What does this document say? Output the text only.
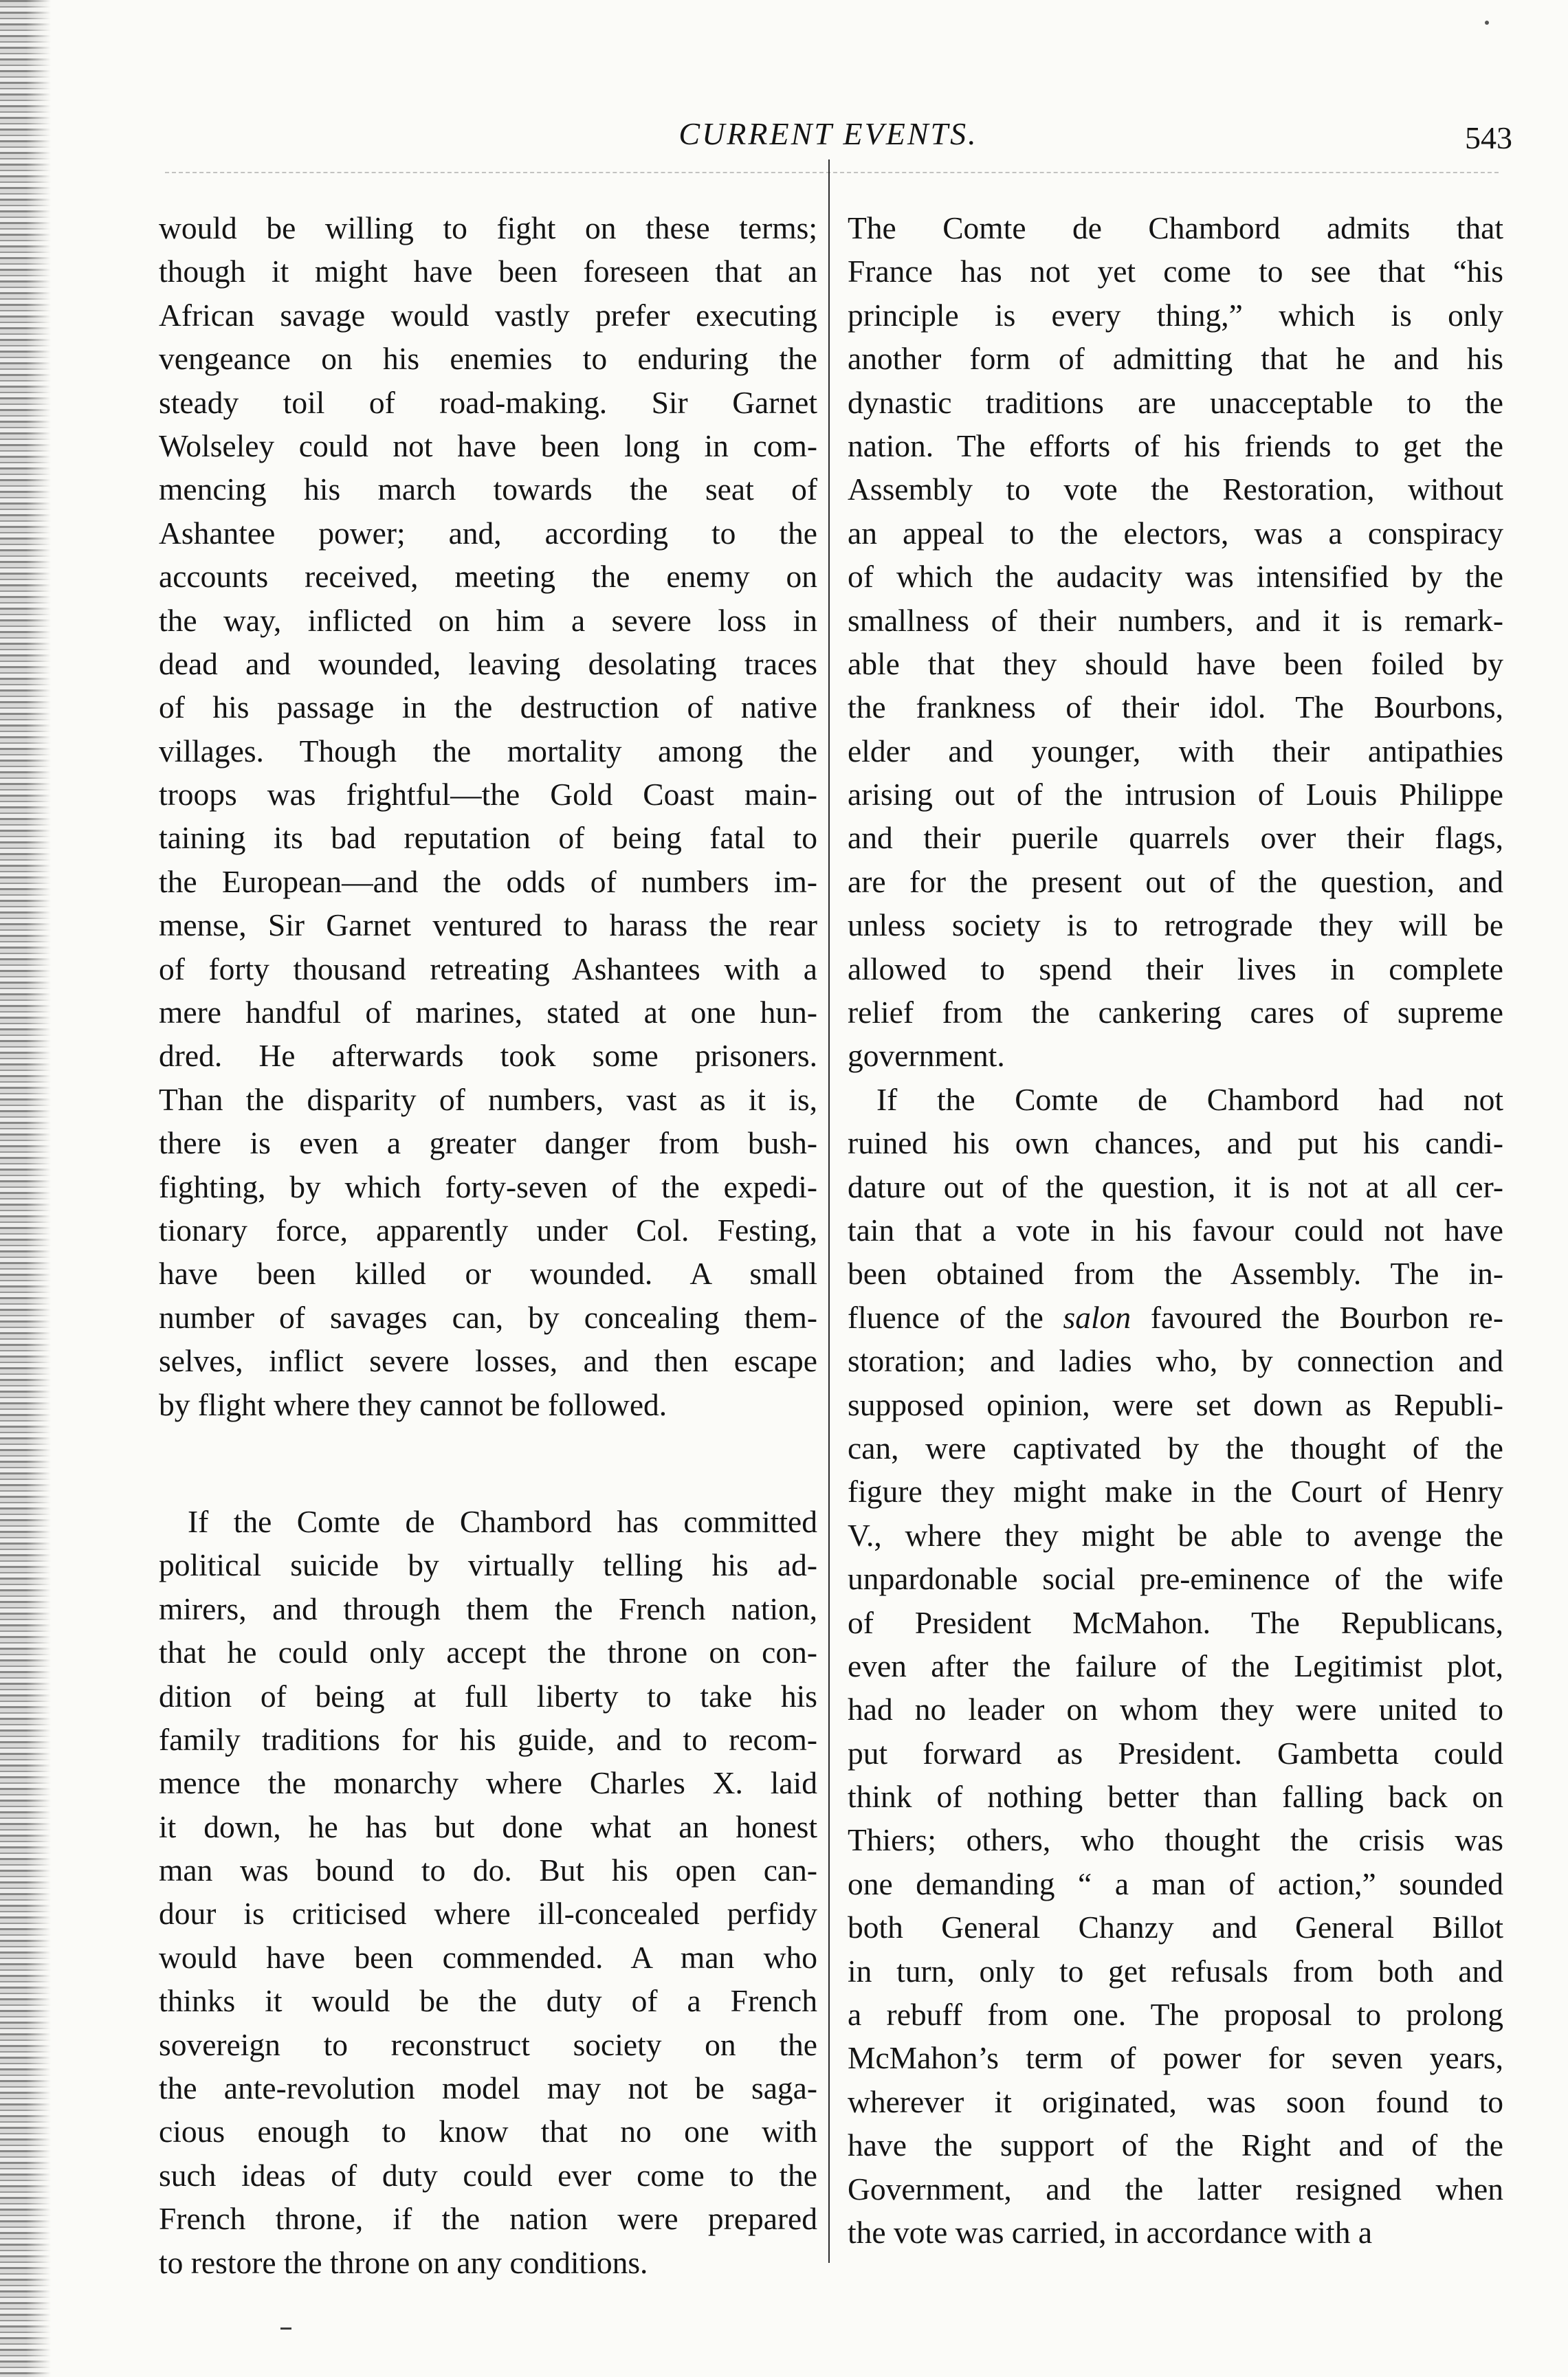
CURRENT EVENTS.	543
would be willing to fight on these terms;
though it might have been foreseen that an
African savage would vastly prefer executing
vengeance on his enemies to enduring the
steady toil of road-making. Sir Garnet
Wolseley could not have been long in com-
mencing his march towards the seat of
Ashantee power; and, according to the
accounts received, meeting the enemy on
the way, inflicted on him a severe loss in
dead and wounded, leaving desolating traces
of his passage in the destruction of native
villages. Though the mortality among the
troops was frightful—the Gold Coast main-
taining its bad reputation of being fatal to
the European—and the odds of numbers im-
mense, Sir Garnet ventured to harass the rear
of forty thousand retreating Ashantees with a
mere handful of marines, stated at one hun-
dred. He afterwards took some prisoners.
Than the disparity of numbers, vast as it is,
there is even a greater danger from bush-
fighting, by which forty-seven of the expedi-
tionary force, apparently under Col. Festing,
have been killed or wounded. A small
number of savages can, by concealing them-
selves, inflict severe losses, and then escape
by flight where they cannot be followed.
If the Comte de Chambord has committed
political suicide by virtually telling his ad-
mirers, and through them the French nation,
that he could only accept the throne on con-
dition of being at full liberty to take his
family traditions for his guide, and to recom-
mence the monarchy where Charles X. laid
it down, he has but done what an honest
man was bound to do. But his open can-
dour is criticised where ill-concealed perfidy
would have been commended. A man who
thinks it would be the duty of a French
sovereign to reconstruct society on the
the ante-revolution model may not be saga-
cious enough to know that no one with
such ideas of duty could ever come to the
French throne, if the nation were prepared
to restore the throne on any conditions.
The Comte de Chambord admits that
France has not yet come to see that “his
principle is every thing,” which is only
another form of admitting that he and his
dynastic traditions are unacceptable to the
nation. The efforts of his friends to get the
Assembly to vote the Restoration, without
an appeal to the electors, was a conspiracy
of which the audacity was intensified by the
smallness of their numbers, and it is remark-
able that they should have been foiled by
the frankness of their idol. The Bourbons,
elder and younger, with their antipathies
arising out of the intrusion of Louis Philippe
and their puerile quarrels over their flags,
are for the present out of the question, and
unless society is to retrograde they will be
allowed to spend their lives in complete
relief from the cankering cares of supreme
government.
If the Comte de Chambord had not
ruined his own chances, and put his candi-
dature out of the question, it is not at all cer-
tain that a vote in his favour could not have
been obtained from the Assembly. The in-
fluence of the salon favoured the Bourbon re-
storation; and ladies who, by connection and
supposed opinion, were set down as Republi-
can, were captivated by the thought of the
figure they might make in the Court of Henry
V., where they might be able to avenge the
unpardonable social pre-eminence of the wife
of President McMahon. The Republicans,
even after the failure of the Legitimist plot,
had no leader on whom they were united to
put forward as President. Gambetta could
think of nothing better than falling back on
Thiers; others, who thought the crisis was
one demanding “ a man of action,” sounded
both General Chanzy and General Billot
in turn, only to get refusals from both and
a rebuff from one. The proposal to prolong
McMahon’s term of power for seven years,
wherever it originated, was soon found to
have the support of the Right and of the
Government, and the latter resigned when
the vote was carried, in accordance with a
